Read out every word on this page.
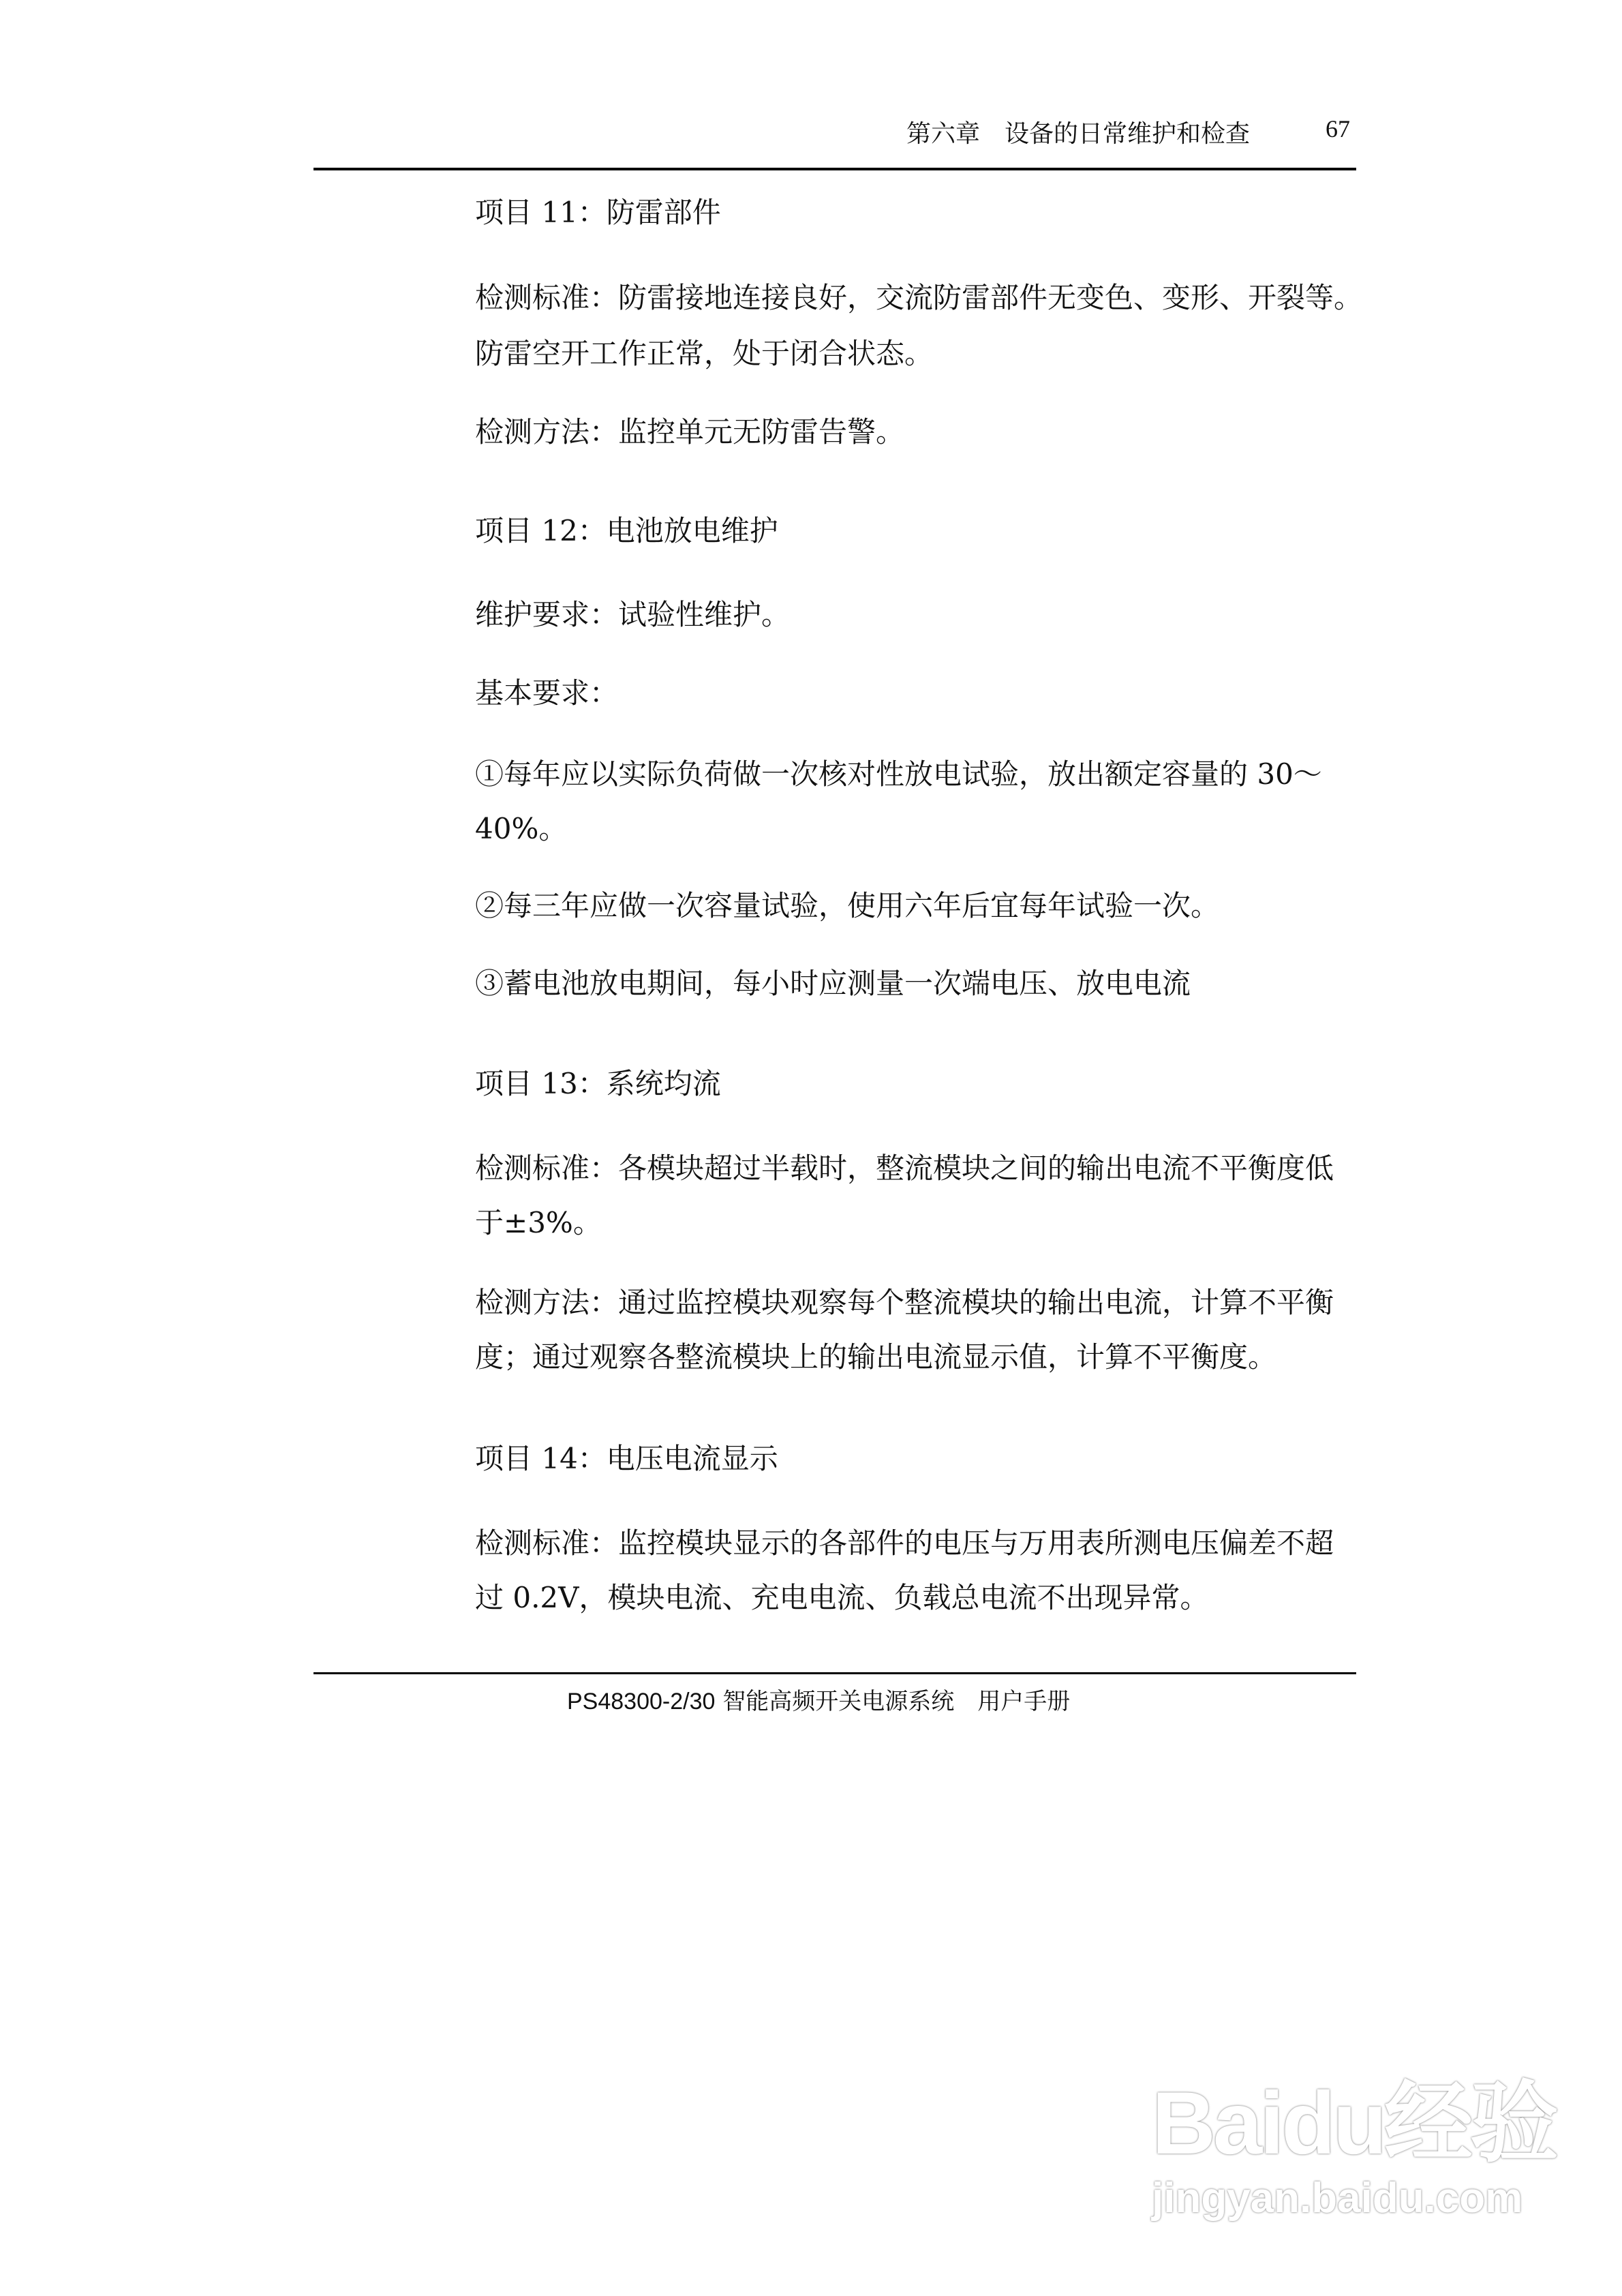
第六章　设备的日常维护和检查	67
项目 11：防雷部件
检测标准：防雷接地连接良好，交流防雷部件无变色、变形、开裂等。
防雷空开工作正常，处于闭合状态。
检测方法：监控单元无防雷告警。
项目 12：电池放电维护
维护要求：试验性维护。
基本要求：
①每年应以实际负荷做一次核对性放电试验，放出额定容量的 30～
40%。
②每三年应做一次容量试验，使用六年后宜每年试验一次。
③蓄电池放电期间，每小时应测量一次端电压、放电电流
项目 13：系统均流
检测标准：各模块超过半载时，整流模块之间的输出电流不平衡度低
于±3%。
检测方法：通过监控模块观察每个整流模块的输出电流，计算不平衡
度；通过观察各整流模块上的输出电流显示值，计算不平衡度。
项目 14：电压电流显示
检测标准：监控模块显示的各部件的电压与万用表所测电压偏差不超
过 0.2V，模块电流、充电电流、负载总电流不出现异常。
PS48300-2/30 智能高频开关电源系统　用户手册
Baidu经验
jingyan.baidu.com
